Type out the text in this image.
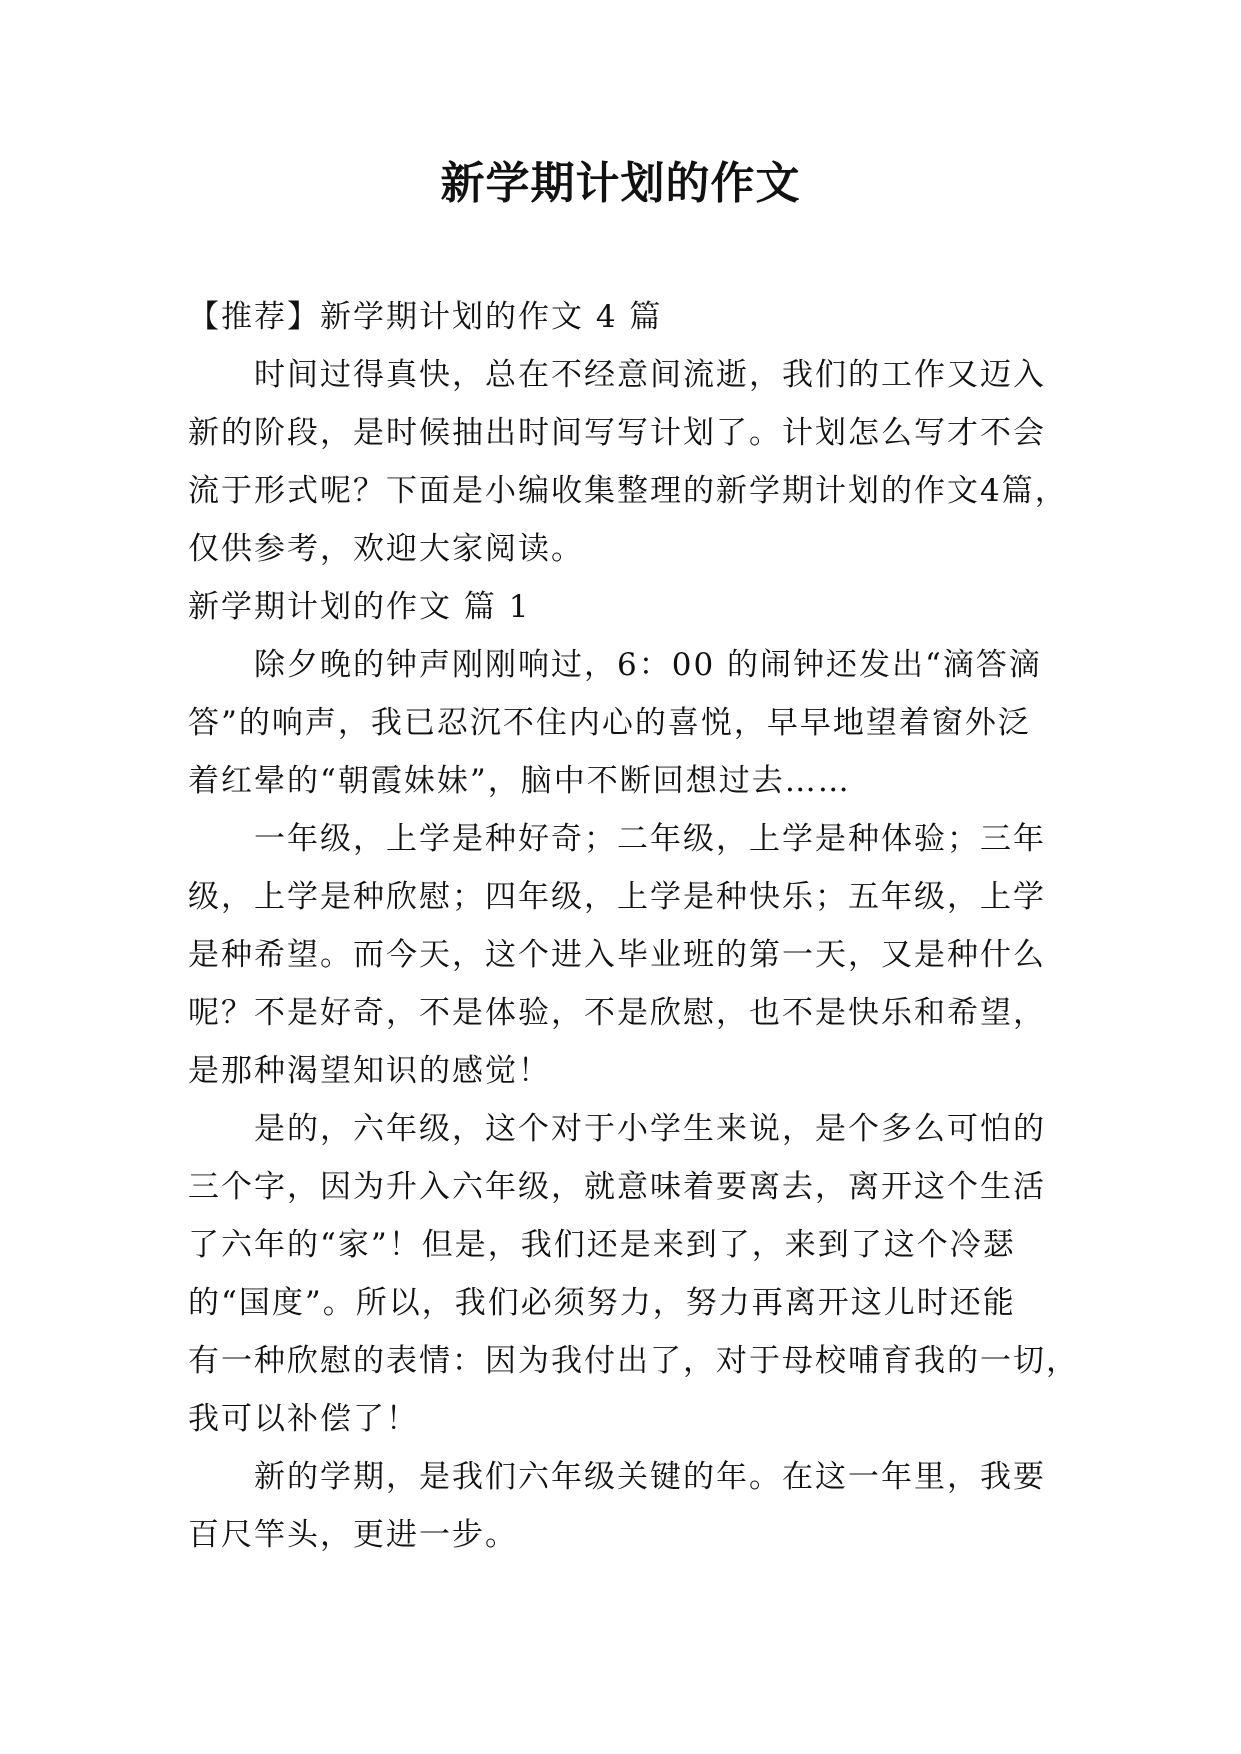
新学期计划的作文
【推荐】新学期计划的作文 4 篇
时间过得真快，总在不经意间流逝，我们的工作又迈入
新的阶段，是时候抽出时间写写计划了。计划怎么写才不会
流于形式呢？下面是小编收集整理的新学期计划的作文4篇，
仅供参考，欢迎大家阅读。
新学期计划的作文 篇 1
除夕晚的钟声刚刚响过，6：00 的闹钟还发出“滴答滴
答”的响声，我已忍沉不住内心的喜悦，早早地望着窗外泛
着红晕的“朝霞妹妹”，脑中不断回想过去……
一年级，上学是种好奇；二年级，上学是种体验；三年
级，上学是种欣慰；四年级，上学是种快乐；五年级，上学
是种希望。而今天，这个进入毕业班的第一天，又是种什么
呢？不是好奇，不是体验，不是欣慰，也不是快乐和希望，
是那种渴望知识的感觉！
是的，六年级，这个对于小学生来说，是个多么可怕的
三个字，因为升入六年级，就意味着要离去，离开这个生活
了六年的“家”！但是，我们还是来到了，来到了这个冷瑟
的“国度”。所以，我们必须努力，努力再离开这儿时还能
有一种欣慰的表情：因为我付出了，对于母校哺育我的一切，
我可以补偿了！
新的学期，是我们六年级关键的年。在这一年里，我要
百尺竿头，更进一步。
